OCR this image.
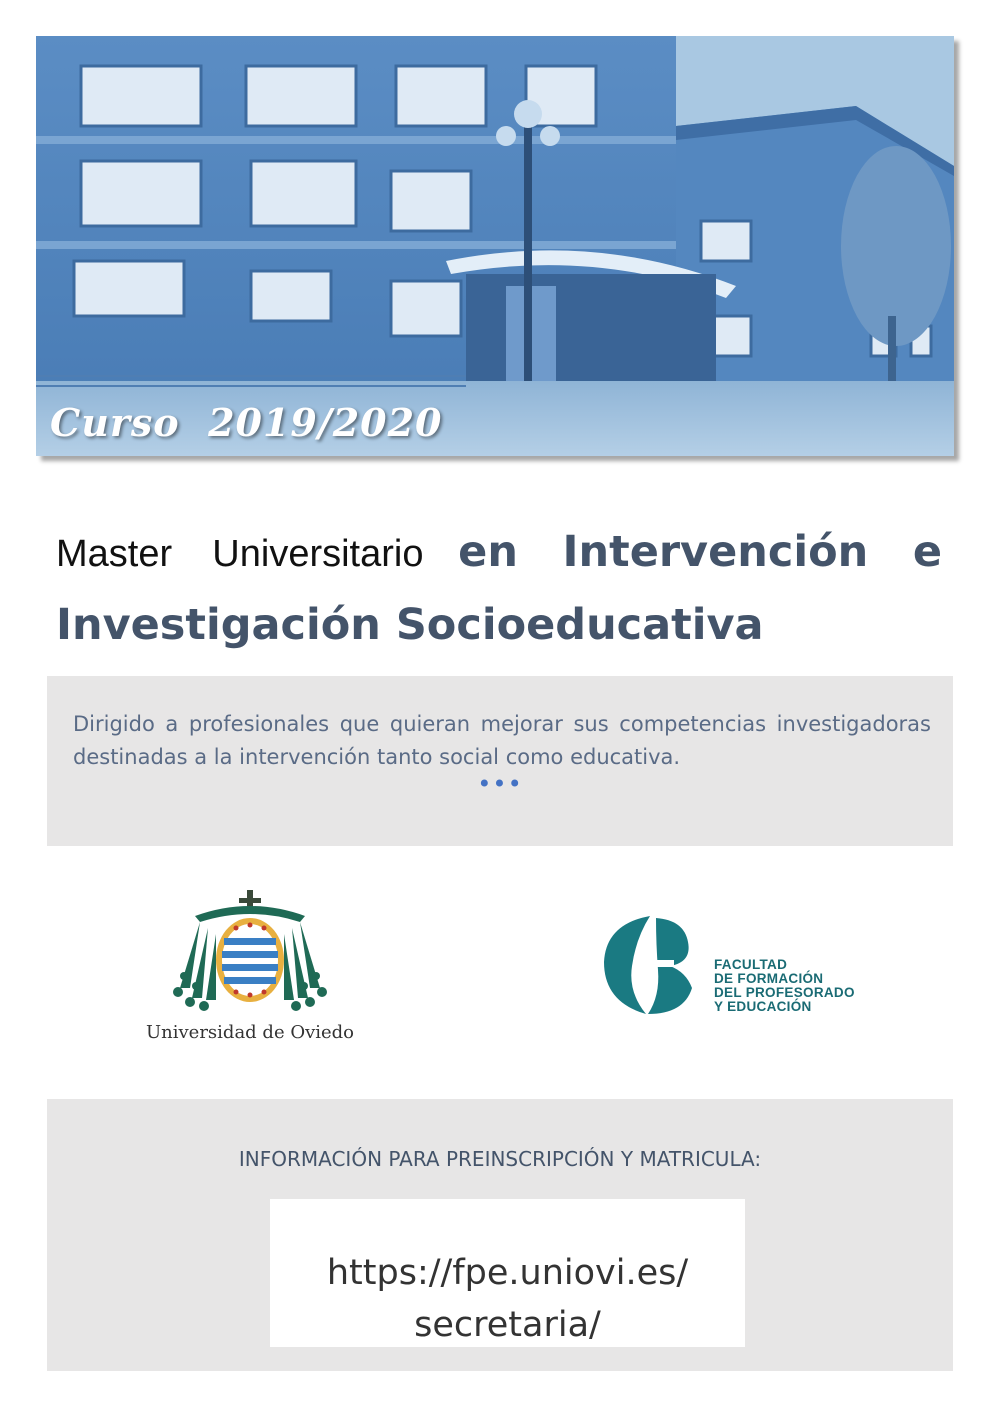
Curso  2019/2020

Master Universitario en Intervención e Investigación Socioeducativa

Dirigido a profesionales que quieran mejorar sus competencias investigadoras destinadas a la intervención tanto social como educativa.

•••
Universidad de Oviedo

FACULTAD
DE FORMACIÓN
DEL PROFESORADO
Y EDUCACIÓN

INFORMACIÓN PARA PREINSCRIPCIÓN Y MATRICULA:
https://fpe.uniovi.es/
secretaria/
